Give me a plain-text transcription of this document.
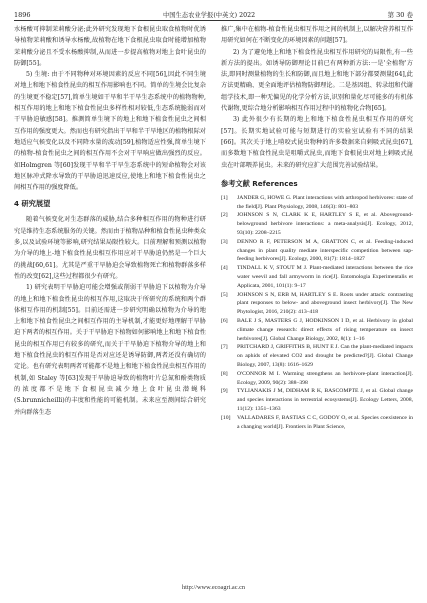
1896	中国生态农业学报(中英文) 2022	第 30 卷

水杨酸可抑制茉莉酸分泌;此外研究发现地下食根昆虫取食植物时优诱导植物茉莉酸和诱导水杨酸,故植物在地下食根昆虫取食时能增加植物茉莉酸分泌且不受水杨酸抑制,从而进一步提高植物对地上食叶昆虫的防御[55]。

5) 生境: 由于不同物种对环境因素的反应不同[56],因此不同生境对地上和地下植食性昆虫的相互作用影响也不同。简单的生境会比复杂的生境更不稳定[57],简单生境如干旱和半干旱生态系统中的植物物种,相互作用的地上和地下植食性昆虫多样性相对较低,生态系统脆弱而对干旱胁迫敏感[58]。推测简单生境下的地上和地下植食性昆虫之间相互作用的强度更大。然而也有研究指出干旱和半干旱地区的植物根际对地适应气候变化以及不同降水量的波动[59],植物适应性强,简单生境下的植物-植食性昆虫之间的相互作用不会对干旱响应做出强烈的反应。如Holmgren 等[60]发现干旱和半干旱生态系统中的短命植物会对该地区脉冲式降水导致的干旱胁迫迅速反应,使地上和地下植食性昆虫之间相互作用的强度降低。

4 研究展望

随着气候变化对生态群落的威胁,结合多种相互作用的物种进行研究是维持生态系统服务的关键。然而由于植物品种和植食性昆虫种类众多,以及试验环境等影响,研究结果局限性较大。目前理解和预测以植物为介导的地上-地下植食性昆虫相互作用应对干旱胁迫仍然是一个巨大的挑战[60,61]。尤其是严重干旱胁迫会导致植物死亡和植物群落多样性的改变[62],这些过程都很少有研究。

1) 研究表明干旱胁迫可能会增强或削弱干旱胁迫下以植物为介导的地上和地下植食性昆虫的相互作用,这取决于所研究的系统和两个群体相互作用的机制[55]。目前还需进一步研究明确以植物为介导的地上和地下植食性昆虫之间相互作用的主导机制,才能更好地理解干旱胁迫下两者的相互作用。关于干旱胁迫下植物如何影响地上和地下植食性昆虫的相互作用已有较多的研究,而关于干旱胁迫下植物介导的地上和地下植食性昆虫的相互作用是否对应还是诱导防御,两者还没有确切的定论。也有研究表明两者可能都不是地上和地下植食性昆虫相互作用的机制,如 Staley 等[63]发现干旱胁迫导致的植物叶片总氮和酚类物质的浓度都不是地下食根昆虫减少地上食叶昆虫潜蝇科(S.brunnicheilli)的丰度和性能的可能机制。未来应至测间综合研究并向群落生态

推广,集中在植物-植食性昆虫相互作用之间的机制上,以解决营养相互作用研究如何在不断变化的环境因素的问题[57]。

2) 为了避免地上和地下植食性昆虫相互作用研究的局限性,有一些新方法的提出。如诱导防御理论目前已有两种新方法:一是'全植物'方法,即同时测量植物的生长和防御,而且地上和地下部分都要测量[64],此方法更精确、更全面地评估植物防御理论。二是基因组、转录组和代谢组学技术,即一种无偏见的化学分析方法,识别和量化尽可能多的有机体代谢物,更综合地分析影响相互作用过程中的植物化合物[65]。

3) 此外很少有长期的地上和地下植食性昆虫相互作用的研究[57]。长期实地试验可能与短期进行的实验室试验有不同的结果[66]。其次关于地上啃咬式昆虫物种的许多数据来自刺吸式昆虫[67],而多数地下植食性昆虫是咀嚼式昆虫,而地下食根昆虫对地上刺吸式昆虫在叶部喂养昆虫。未来的研究应扩大范围完善试验结果。

参考文献 References
[1]	JANDER G, HOWE G. Plant interactions with arthropod herbivores: state of the field[J]. Plant Physiology, 2008, 146(3): 801–803
[2]	JOHNSON S N, CLARK K E, HARTLEY S E, et al. Aboveground-belowground herbivore interactions: a meta-analysis[J]. Ecology, 2012, 93(10): 2208–2215
[3]	DENNO R F, PETERSON M A, GRATTON C, et al. Feeding-induced changes in plant quality mediate interspecific competition between sap-feeding herbivores[J]. Ecology, 2000, 81(7): 1814–1827
[4]	TINDALL K V, STOUT M J. Plant-mediated interactions between the rice water weevil and fall armyworm in rice[J]. Entomologia Experimentalis et Applicata, 2001, 101(1): 9–17
[5]	JOHNSON S N, ERB M, HARTLEY S E. Roots under attack: contrasting plant responses to below- and aboveground insect herbivory[J]. The New Phytologist, 2016, 210(2): 413–418
[6]	BALE J S, MASTERS G J, HODKINSON I D, et al. Herbivory in global climate change research: direct effects of rising temperature on insect herbivores[J]. Global Change Biology, 2002, 8(1): 1–16
[7]	PRITCHARD J, GRIFFITHS B, HUNT E J. Can the plant-mediated impacts on aphids of elevated CO2 and drought be predicted?[J]. Global Change Biology, 2007, 13(8): 1616–1629
[8]	O'CONNOR M I. Warming strengthens an herbivore-plant interaction[J]. Ecology, 2009, 90(2): 388–398
[9]	TYLIANAKIS J M, DIDHAM R K, BASCOMPTE J, et al. Global change and species interactions in terrestrial ecosystems[J]. Ecology Letters, 2008, 11(12): 1351–1363
[10]	VALLADARES F, BASTIAS C C, GODOY O, et al. Species coexistence in a changing world[J]. Frontiers in Plant Science,
http://www.ecoagri.ac.cn
